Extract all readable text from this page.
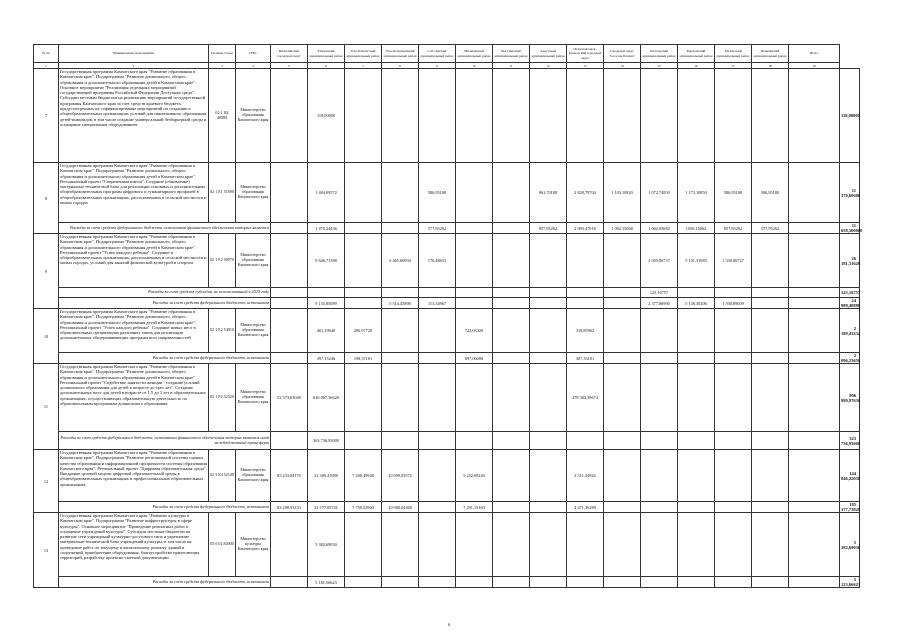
№ пп	Наименование мероприятия	Целевая статья	ГРБС	Вилючинский городской округ	Елизовский муниципальный район	Усть-Камчатский муниципальный район	Усть-Большерецкий муниципальный район	Соболевский муниципальный район	Мильковский муниципальный район	Быстринский муниципальный район	Алеутский муниципальный район	Петропавловск-Камчатский городской округ	Городской округ "поселок Палана"	Олюторский муниципальный район	Карагинский муниципальный район	Тигильский муниципальный район	Пенжинский муниципальный район	Итого	
1	2	3	4	5	6	7	8	9	10	11	12	13	14	15	16	17	18	19	
7	Государственная программа Камчатского края "Развитие образования в Камчатском крае". Подпрограмма "Развитие дошкольного, общего образования и дополнительного образования детей в Камчатском крае". Основное мероприятие "Реализация отдельных мероприятий государственной программы Российской Федерации Доступная среда". Субсидии местным бюджетам на реализацию мероприятий государственной программы Камчатского края за счет средств краевого бюджета, предусмотренных на софинансирование мероприятий по созданию в общеобразовательных организациях условий для инклюзивного образования детей-инвалидов, в том числе создание универсальной безбарьерной среды и оснащение специальным оборудованием	02 1 Ц4 40080	Министерство образования Камчатского края		118,00000														118,00000
8	Государственная программа Камчатского края "Развитие образования в Камчатском крае". Подпрограмма "Развитие дошкольного, общего образования и дополнительного образования детей в Камчатском крае". Региональный проект "Современная школа". Создание (обновление) материально-технической базы для реализации основных и дополнительных общеобразовательных программ цифрового и гуманитарного профилей в общеобразовательных организациях, расположенных в сельской местности и малых городах	02 1 E1 51690	Министерство образования Камчатского края		1 484,09572			586,95180			961,70180	2 828,79704	1 103,10820	1 072,74850	1 173,10850	586,95180	586,95180		11 370,60686
	Расходы за счет средств федерального бюджета, источником финансового обеспечения которых является				1 470,24436			577,95262			857,95262	2 993,47018	1 092,15068	1 062,05682	1050,15662	857,95262	577,95262		11 658,500000
9	Государственная программа Камчатского края "Развитие образования в Камчатском крае". Подпрограмма "Развитие дошкольного, общего образования и дополнительного образования детей в Камчатском крае". Региональный проект "Успех каждого ребенка". Создание в общеобразовательных организациях, расположенных в сельской местности и малых городах, условий для занятий физической культурой и спортом	02 1 E2 50970	Министерство образования Камчатского края		9 646,71588		6 465,60094	176,48652						2 505,86737	5 191,31983	1 330,06727			26 181,31626
	Расходы за счет средств субсидии, не использованной в 2019 году													125,16757					125,16757
	Расходы за счет средств федерального бюджета, источником				9 135,85089		5 514,45898	113,34967						2 377,86990	5 138,30206	1 500,89009			24 988,48888
10	Государственная программа Камчатского края "Развитие образования в Камчатском крае". Подпрограмма "Развитие дошкольного, общего образования и дополнительного образования детей в Камчатском крае". Региональный проект "Успех каждого ребенка". Создание новых мест в образовательных организациях различных типов для реализации дополнительных общеразвивающих программ всех направленностей	02 1 E2 54910	Министерство образования Камчатского края		401,19640	206,97720			722,03320			319,85962							2 189,43332
	Расходы за счет средств федерального бюджета, источником				397,15246	198,37101			697,06000			307,33101							2 096,23650
11	Государственная программа Камчатского края "Развитие образования в Камчатском крае". Подпрограмма "Развитие дошкольного, общего образования и дополнительного образования детей в Камчатском крае". Региональный проект "Содействие занятости женщин - создание условий дошкольного образования для детей в возрасте до трех лет". Создание дополнительных мест для детей в возрасте от 1,5 до 3 лет в образовательных организациях, осуществляющих образовательную деятельность по образовательным программам дошкольного образования	02 1 P2 52320	Министерство образования Камчатского края	52 573,03048	616 067,36620							278 303,39674							906 980,97630
	Расходы за счет средств федерального бюджета, источником финансового обеспечения которых является иной межбюджетный трансферт				363 736,93000														323 736,93000
12	Государственная программа Камчатского края "Развитие образования в Камчатском крае". Подпрограмма "Развитие региональной системы оценки качества образования и информационной прозрачности системы образования Камчатского края". Региональный проект "Цифровая образовательная среда". Внедрение целевой модели цифровой образовательной среды в общеобразовательных организациях и профессиональных образовательных организациях	02 3 E4 52100	Министерство образования Камчатского края	85 233,84170	32 309,41988	7 208,49948	10 099,05572		5 252,69240			4 311,34924							144 846,22030
	Расходы за счет средств федерального бюджета, источником			83 298,93133	31 577,83741	7 750,52960	10 900,04368		7 291,15163			4 471,36280							185 377,73828
13	Государственная программа Камчатского края "Развитие культуры в Камчатском крае". Подпрограмма "Развитие инфраструктуры в сфере культуры". Основное мероприятие "Проведение ремонтных работ и оснащение учреждений культуры". Субсидии местным бюджетам на развитие сети учреждений культурно-досугового типа и укрепление материально-технической базы учреждений культуры, в том числе на проведение работ по текущему и капитальному ремонту зданий и сооружений, приобретение оборудования, благоустройство прилегающих территорий, разработку проектно-сметной документации	05 6 02 82000	Министерство культуры Камчатского края		5 382,69030														5 382,69030
	Расходы за счет средств федерального бюджета, источником				5 181,56623														5 123,66623
6
